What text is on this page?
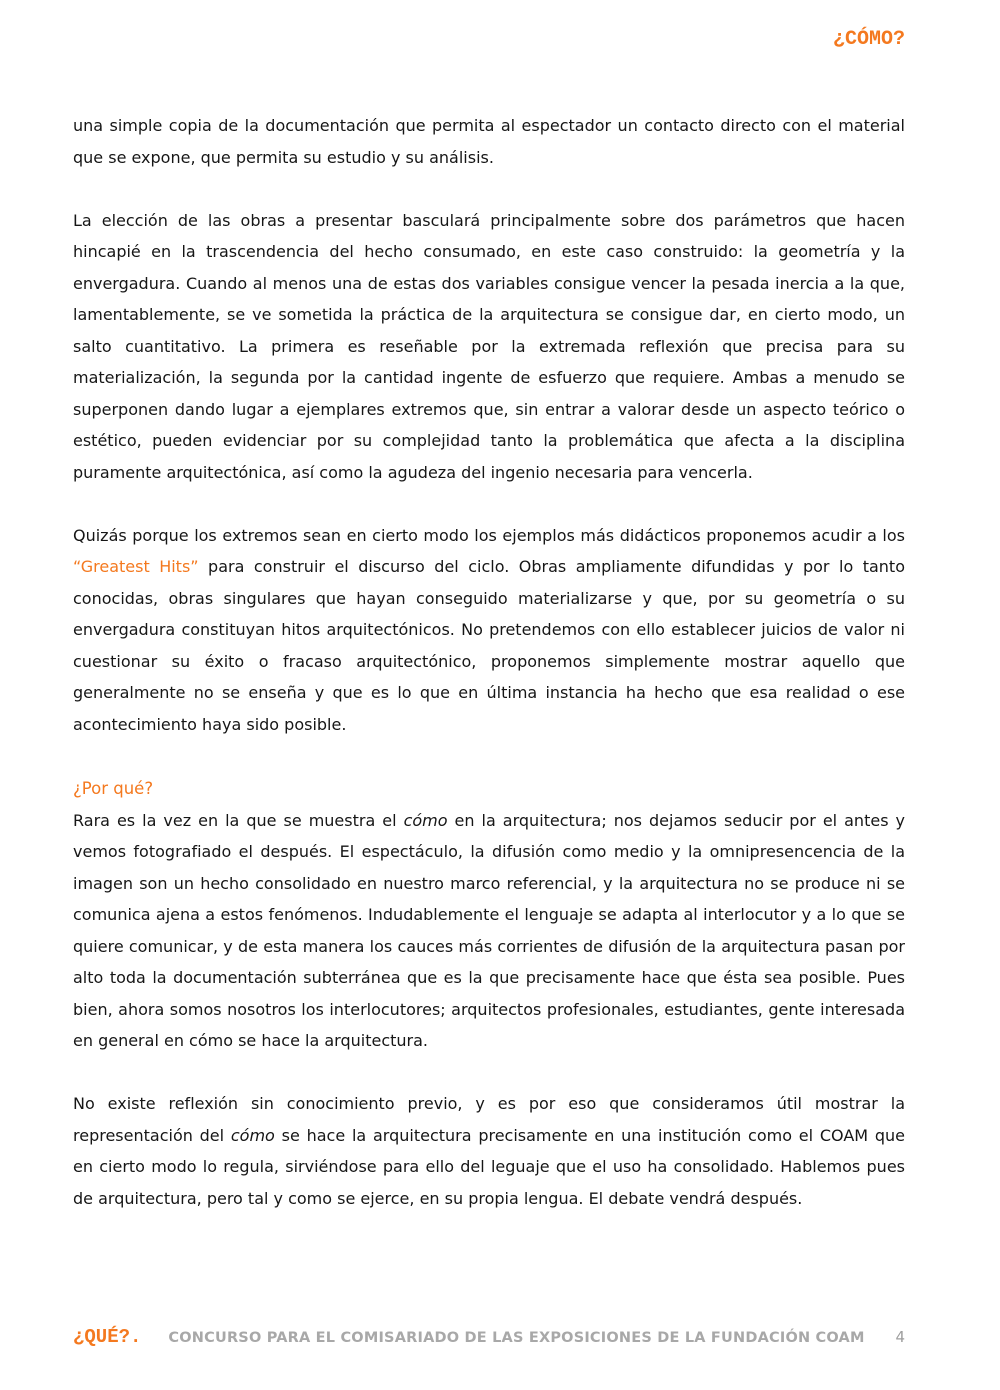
¿CÓMO?

una simple copia de la documentación que permita al espectador un contacto directo con el material que se expone, que permita su estudio y su análisis.

La elección de las obras a presentar basculará principalmente sobre dos parámetros que hacen hincapié en la trascendencia del hecho consumado, en este caso construido: la geometría y la envergadura. Cuando al menos una de estas dos variables consigue vencer la pesada inercia a la que, lamentablemente, se ve sometida la práctica de la arquitectura se consigue dar, en cierto modo, un salto cuantitativo. La primera es reseñable por la extremada reflexión que precisa para su materialización, la segunda por la cantidad ingente de esfuerzo que requiere. Ambas a menudo se superponen dando lugar a ejemplares extremos que, sin entrar a valorar desde un aspecto teórico o estético, pueden evidenciar por su complejidad tanto la problemática que afecta a la disciplina puramente arquitectónica, así como la agudeza del ingenio necesaria para vencerla.

Quizás porque los extremos sean en cierto modo los ejemplos más didácticos proponemos acudir a los “Greatest Hits” para construir el discurso del ciclo. Obras ampliamente difundidas y por lo tanto conocidas, obras singulares que hayan conseguido materializarse y que, por su geometría o su envergadura constituyan hitos arquitectónicos. No pretendemos con ello establecer juicios de valor ni cuestionar su éxito o fracaso arquitectónico, proponemos simplemente mostrar aquello que generalmente no se enseña y que es lo que en última instancia ha hecho que esa realidad o ese acontecimiento haya sido posible.

¿Por qué?

Rara es la vez en la que se muestra el cómo en la arquitectura; nos dejamos seducir por el antes y vemos fotografiado el después. El espectáculo, la difusión como medio y la omnipresencencia de la imagen son un hecho consolidado en nuestro marco referencial, y la arquitectura no se produce ni se comunica ajena a estos fenómenos. Indudablemente el lenguaje se adapta al interlocutor y a lo que se quiere comunicar, y de esta manera los cauces más corrientes de difusión de la arquitectura pasan por alto toda la documentación subterránea que es la que precisamente hace que ésta sea posible. Pues bien, ahora somos nosotros los interlocutores; arquitectos profesionales, estudiantes, gente interesada en general en cómo se hace la arquitectura.

No existe reflexión sin conocimiento previo, y es por eso que consideramos útil mostrar la representación del cómo se hace la arquitectura precisamente en una institución como el COAM que en cierto modo lo regula, sirviéndose para ello del leguaje que el uso ha consolidado. Hablemos pues de arquitectura, pero tal y como se ejerce, en su propia lengua. El debate vendrá después.

¿QUÉ?. CONCURSO PARA EL COMISARIADO DE LAS EXPOSICIONES DE LA FUNDACIÓN COAM 4
